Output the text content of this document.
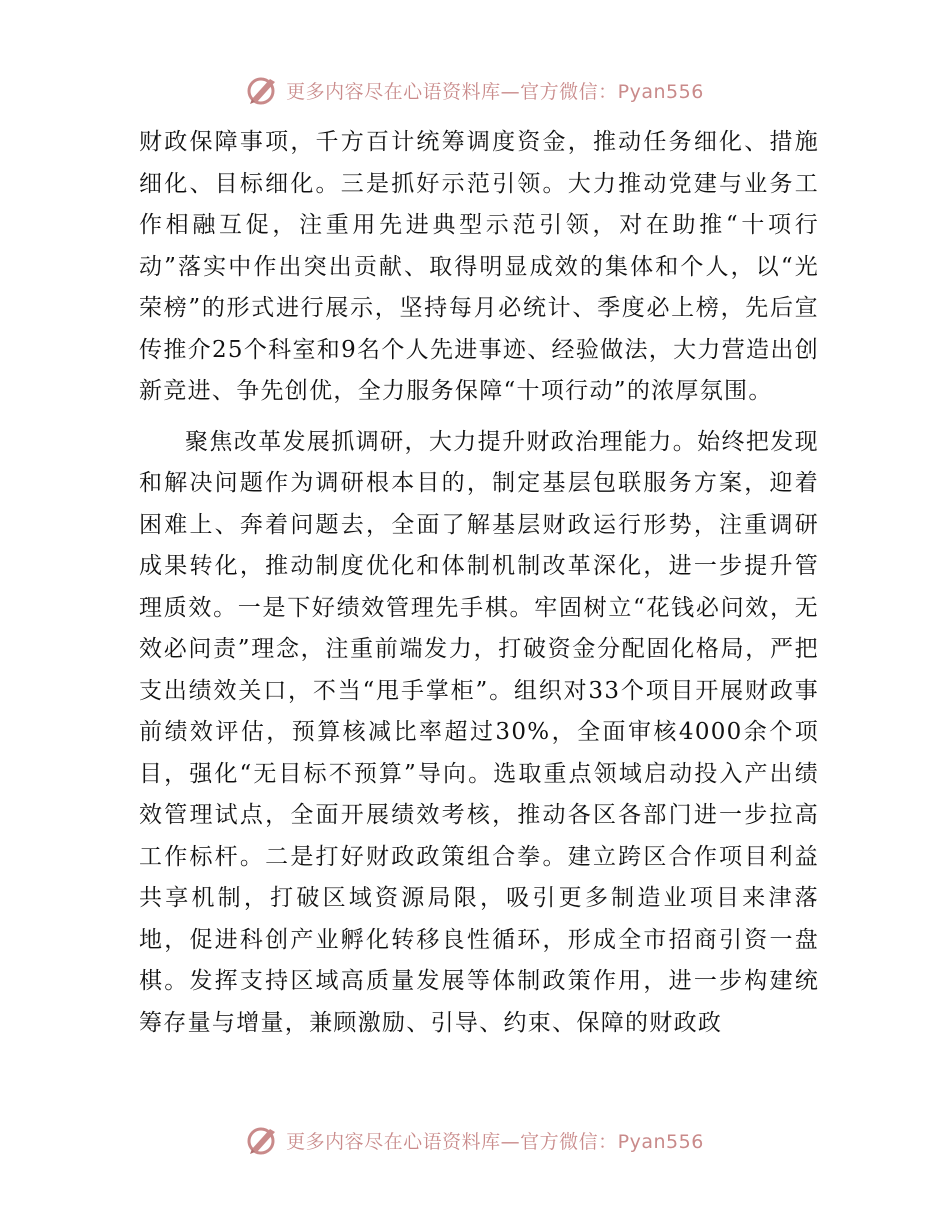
更多内容尽在心语资料库—官方微信：Pyan556

财政保障事项，千方百计统筹调度资金，推动任务细化、措施细化、目标细化。三是抓好示范引领。大力推动党建与业务工作相融互促，注重用先进典型示范引领，对在助推“十项行动”落实中作出突出贡献、取得明显成效的集体和个人，以“光荣榜”的形式进行展示，坚持每月必统计、季度必上榜，先后宣传推介25个科室和9名个人先进事迹、经验做法，大力营造出创新竞进、争先创优，全力服务保障“十项行动”的浓厚氛围。

聚焦改革发展抓调研，大力提升财政治理能力。始终把发现和解决问题作为调研根本目的，制定基层包联服务方案，迎着困难上、奔着问题去，全面了解基层财政运行形势，注重调研成果转化，推动制度优化和体制机制改革深化，进一步提升管理质效。一是下好绩效管理先手棋。牢固树立“花钱必问效，无效必问责”理念，注重前端发力，打破资金分配固化格局，严把支出绩效关口，不当“甩手掌柜”。组织对33个项目开展财政事前绩效评估，预算核减比率超过30%，全面审核4000余个项目，强化“无目标不预算”导向。选取重点领域启动投入产出绩效管理试点，全面开展绩效考核，推动各区各部门进一步拉高工作标杆。二是打好财政政策组合拳。建立跨区合作项目利益共享机制，打破区域资源局限，吸引更多制造业项目来津落地，促进科创产业孵化转移良性循环，形成全市招商引资一盘棋。发挥支持区域高质量发展等体制政策作用，进一步构建统筹存量与增量，兼顾激励、引导、约束、保障的财政政

更多内容尽在心语资料库—官方微信：Pyan556
